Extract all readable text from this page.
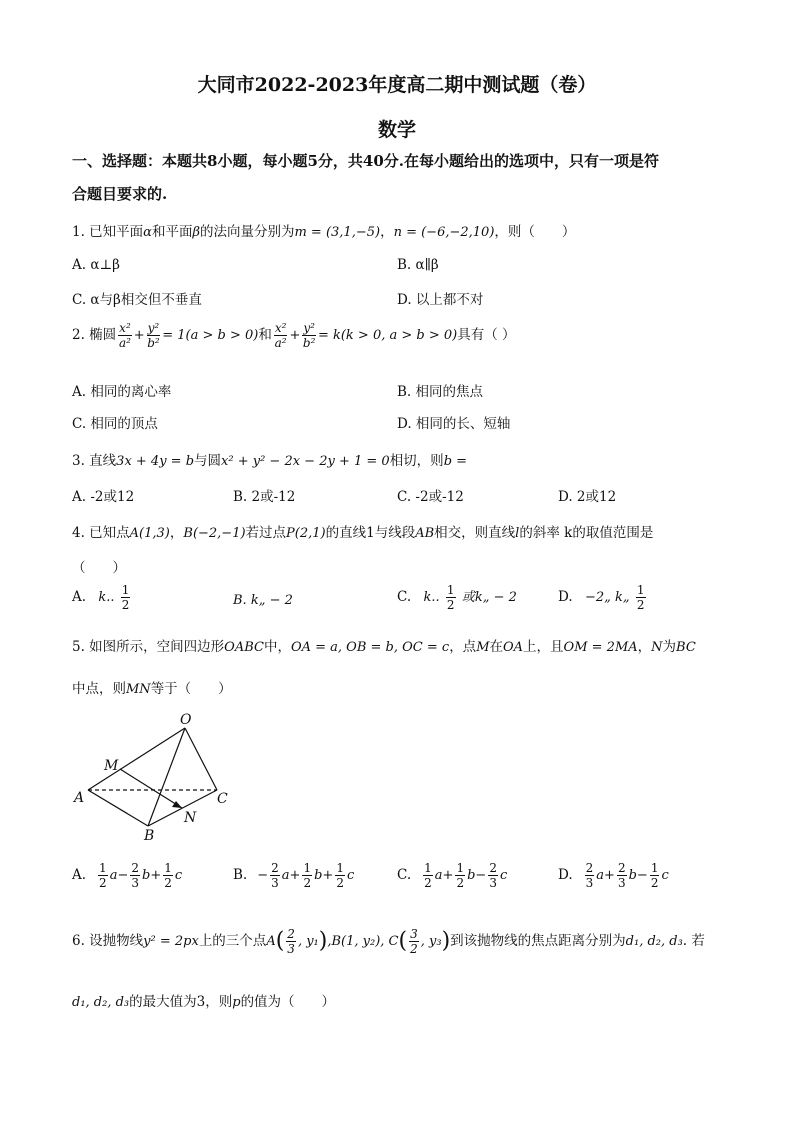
大同市2022-2023年度高二期中测试题（卷）
数学
一、选择题：本题共8小题，每小题5分，共40分.在每小题给出的选项中，只有一项是符
合题目要求的.
1. 已知平面α和平面β的法向量分别为m = (3,1,−5)，n = (−6,−2,10)，则（　　）
A. α⊥β	B. α∥β
C. α与β相交但不垂直	D. 以上都不对
2. 椭圆 $\frac{\text{x²}}{\text{a²}} + \frac{\text{y²}}{\text{b²}} = 1(a > b > 0)$和 $\frac{\text{x²}}{\text{a²}} + \frac{\text{y²}}{\text{b²}} = k(k > 0$, a > b > 0)具有（ ）
A. 相同的离心率	B. 相同的焦点
C. 相同的顶点	D. 相同的长、短轴
3. 直线3x + 4y = b与圆x² + y² − 2x − 2y + 1 = 0相切，则b =
A. -2或12	B. 2或-12	C. -2或-12	D. 2或12
4. 已知点A(1,3)，B(−2,−1)若过点P(2,1)的直线1与线段AB相交，则直线l的斜率 k的取值范围是
（　　）
A. k.. $\frac{1}{2}$	B. k„ − 2	C. k.. $\frac{1}{2}$ 或k„ − 2	D. −2„ k„ $\frac{1}{2}$
5. 如图所示，空间四边形OABC中，OA = a, OB = b, OC = c，点M在OA上，且OM = 2MA，N为BC
中点，则MN等于（　　）
O
M
A	C
N
B
A. $\frac{1}{2} a- \frac{2}{3} b+ \frac{1}{2}$ c	B. − $\frac{2}{3} a+ \frac{1}{2} b+ \frac{1}{2}$ c	C. $\frac{1}{2} a+ \frac{1}{2} b- \frac{2}{3}$ c	D. $\frac{2}{3} a+ \frac{2}{3} b- \frac{1}{2}$ c
6. 设抛物线y² = 2px上的三个点$A( \frac{2}{3}$ , y₁),B(1, y₂), $C( \frac{3}{2}$ , y₃)到该抛物线的焦点距离分别为d₁, d₂, d₃. 若
d₁, d₂, d₃的最大值为3，则p的值为（　　）
